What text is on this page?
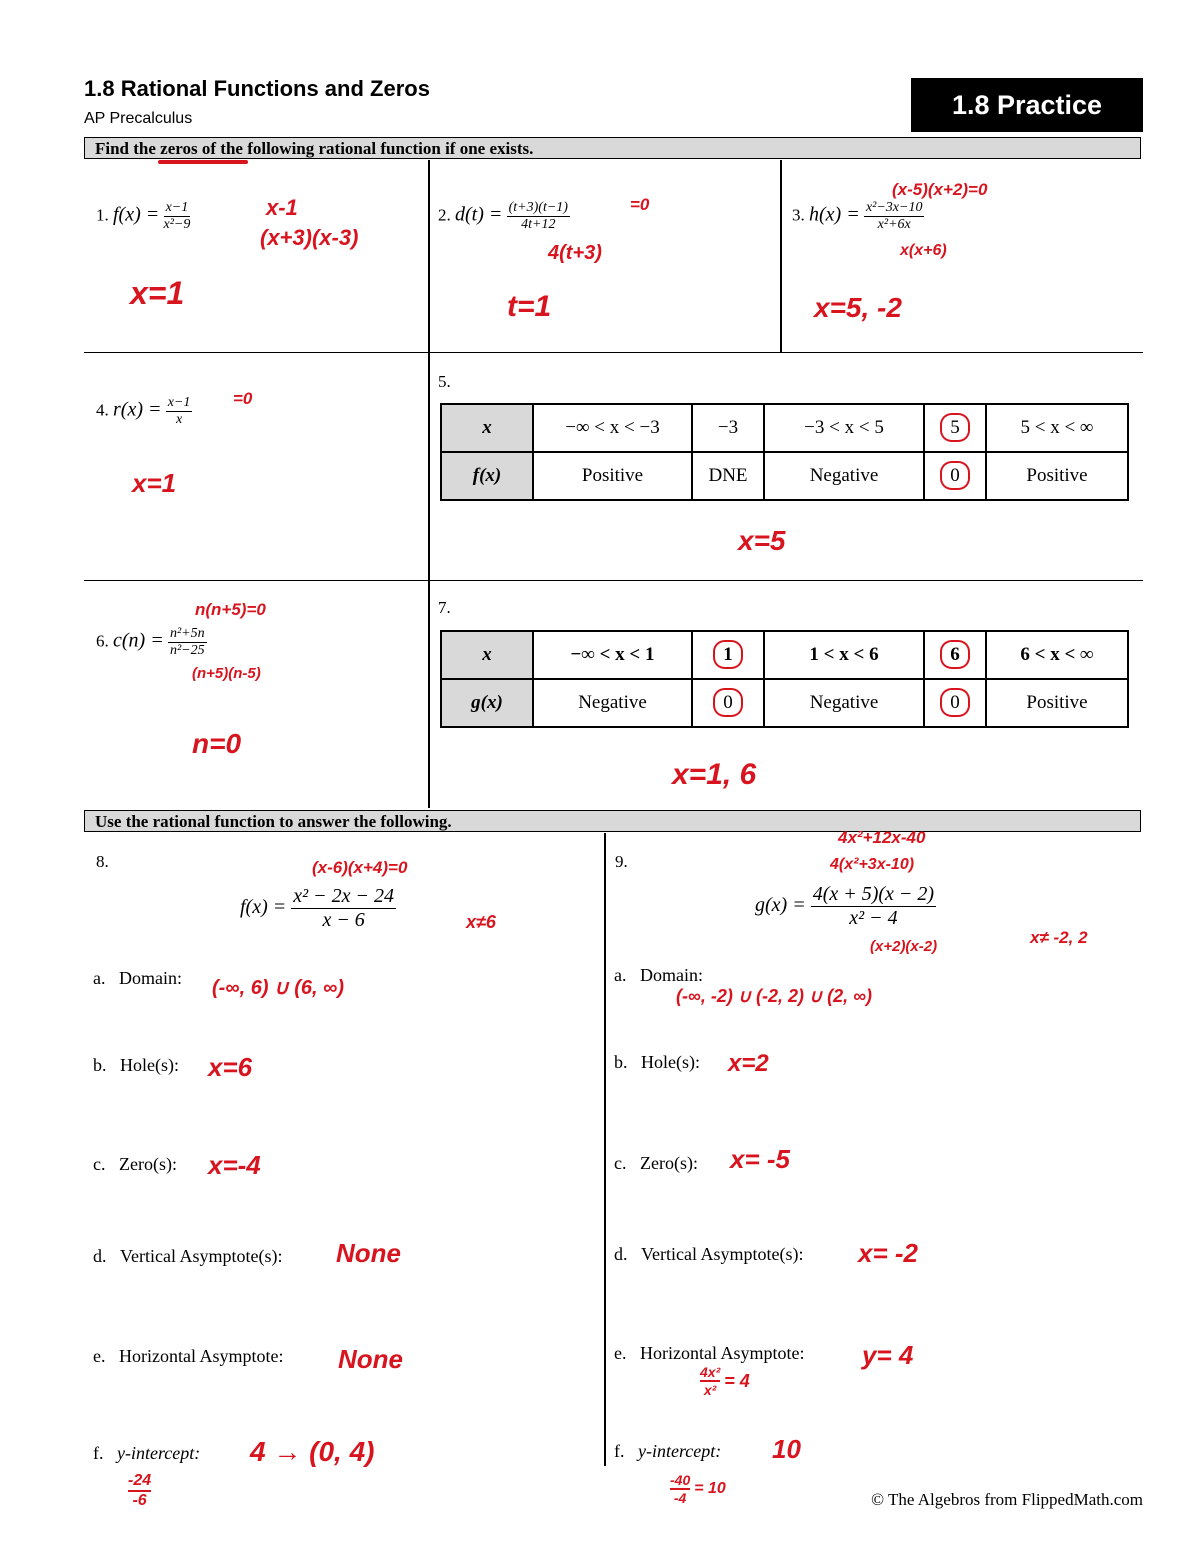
1.8 Rational Functions and Zeros
AP Precalculus	1.8 Practice
Find the zeros of the following rational function if one exists.
1. $f(x) = \frac{x-1}{\text{x²−9}}$	x-1
(x+3)(x-3)
x=1
2. $d(t) = \frac{(t+3)(t-1)}{4t+12}$	=0
4(t+3)
t=1
3. $h(x) = \frac{\text{x²−3x−10}}{\text{x²+6x}}$
(x-5)(x+2)=0
x(x+6)
x=5, -2
4. $r(x) = \frac{x-1}{x} =0$
x=1
5.
x	−∞ < x < −3	−3	−3 < x < 5	5	5 < x < ∞
f(x)	Positive	DNE	Negative	0	Positive
x=5
6. $c(n) = \frac{\text{n²+5n}}{\text{n²−25}}$
n(n+5)=0
(n+5)(n-5)
n=0
7.
x	−∞ < x < 1	1	1 < x < 6	6	6 < x < ∞
g(x)	Negative	0	Negative	0	Positive
x=1, 6
Use the rational function to answer the following.
8.	(x-6)(x+4)=0
$f(x) = \frac{\text{x² − 2x − 24}}{x - 6}$	x≠6
a. Domain: (-∞, 6) ∪ (6, ∞)
b. Hole(s): x=6
c. Zero(s): x=-4
d. Vertical Asymptote(s): None
e. Horizontal Asymptote: None
f. y-intercept: 4 → (0, 4)
-24
-6
9.
4x²+12x-40
4(x²+3x-10)
$g(x) = \frac{4(x + 5)(x - 2)}{\text{x² − 4}}$
(x+2)(x-2)	x≠ -2, 2
a. Domain:
(-∞, -2) ∪ (-2, 2) ∪ (2, ∞)
b. Hole(s): x=2
c. Zero(s): x= -5
d. Vertical Asymptote(s): x= -2
e. Horizontal Asymptote: y= 4
$\frac{\text{4x²}}{\text{x²}} = 4$
f. y-intercept: 10
$\frac{-40}{-4} = 10$
© The Algebros from FlippedMath.com
